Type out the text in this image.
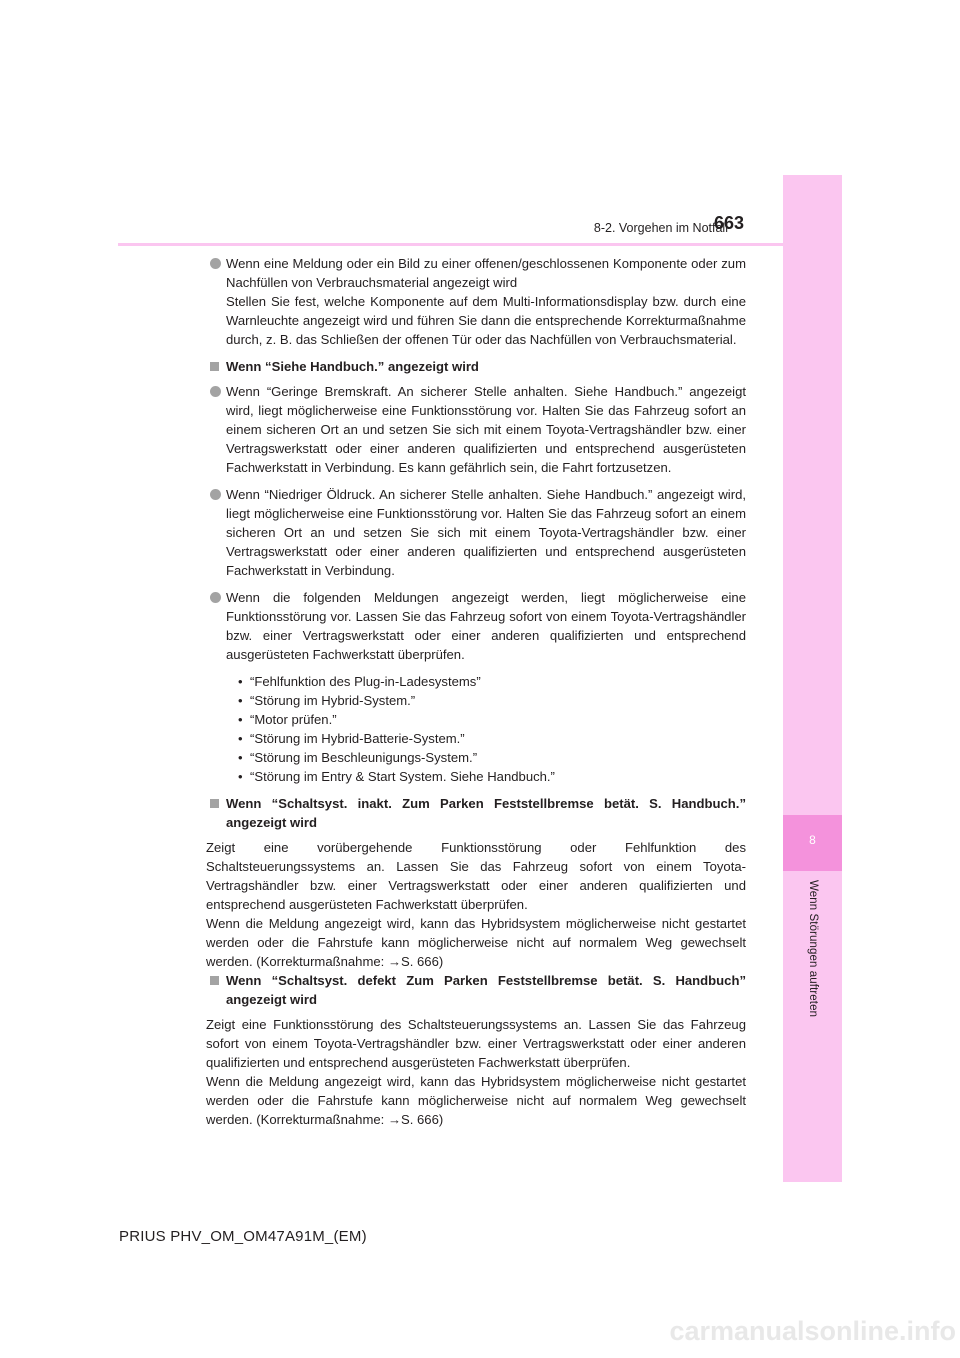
8
Wenn Störungen auftreten
8-2. Vorgehen im Notfall
663

Wenn eine Meldung oder ein Bild zu einer offenen/geschlossenen Komponente oder zum Nachfüllen von Verbrauchsmaterial angezeigt wird

Stellen Sie fest, welche Komponente auf dem Multi-Informationsdisplay bzw. durch eine Warnleuchte angezeigt wird und führen Sie dann die entsprechende Korrekturmaßnahme durch, z. B. das Schließen der offenen Tür oder das Nachfüllen von Verbrauchsmaterial.

Wenn “Siehe Handbuch.” angezeigt wird

Wenn “Geringe Bremskraft. An sicherer Stelle anhalten. Siehe Handbuch.” angezeigt wird, liegt möglicherweise eine Funktionsstörung vor. Halten Sie das Fahrzeug sofort an einem sicheren Ort an und setzen Sie sich mit einem Toyota-Vertragshändler bzw. einer Vertragswerkstatt oder einer anderen qualifizierten und entsprechend ausgerüsteten Fachwerkstatt in Verbindung. Es kann gefährlich sein, die Fahrt fortzusetzen.

Wenn “Niedriger Öldruck. An sicherer Stelle anhalten. Siehe Handbuch.” angezeigt wird, liegt möglicherweise eine Funktionsstörung vor. Halten Sie das Fahrzeug sofort an einem sicheren Ort an und setzen Sie sich mit einem Toyota-Vertragshändler bzw. einer Vertragswerkstatt oder einer anderen qualifizierten und entsprechend ausgerüsteten Fachwerkstatt in Verbindung.

Wenn die folgenden Meldungen angezeigt werden, liegt möglicherweise eine Funktionsstörung vor. Lassen Sie das Fahrzeug sofort von einem Toyota-Vertragshändler bzw. einer Vertragswerkstatt oder einer anderen qualifizierten und entsprechend ausgerüsteten Fachwerkstatt überprüfen.

• “Fehlfunktion des Plug-in-Ladesystems”
• “Störung im Hybrid-System.”
• “Motor prüfen.”
• “Störung im Hybrid-Batterie-System.”
• “Störung im Beschleunigungs-System.”
• “Störung im Entry & Start System. Siehe Handbuch.”

Wenn “Schaltsyst. inakt. Zum Parken Feststellbremse betät. S. Handbuch.” angezeigt wird

Zeigt eine vorübergehende Funktionsstörung oder Fehlfunktion des Schaltsteuerungssystems an. Lassen Sie das Fahrzeug sofort von einem Toyota-Vertragshändler bzw. einer Vertragswerkstatt oder einer anderen qualifizierten und entsprechend ausgerüsteten Fachwerkstatt überprüfen.

Wenn die Meldung angezeigt wird, kann das Hybridsystem möglicherweise nicht gestartet werden oder die Fahrstufe kann möglicherweise nicht auf normalem Weg gewechselt werden. (Korrekturmaßnahme: →S. 666)

Wenn “Schaltsyst. defekt Zum Parken Feststellbremse betät. S. Handbuch” angezeigt wird

Zeigt eine Funktionsstörung des Schaltsteuerungssystems an. Lassen Sie das Fahrzeug sofort von einem Toyota-Vertragshändler bzw. einer Vertragswerkstatt oder einer anderen qualifizierten und entsprechend ausgerüsteten Fachwerkstatt überprüfen.

Wenn die Meldung angezeigt wird, kann das Hybridsystem möglicherweise nicht gestartet werden oder die Fahrstufe kann möglicherweise nicht auf normalem Weg gewechselt werden. (Korrekturmaßnahme: →S. 666)

PRIUS PHV_OM_OM47A91M_(EM)
carmanualsonline.info
